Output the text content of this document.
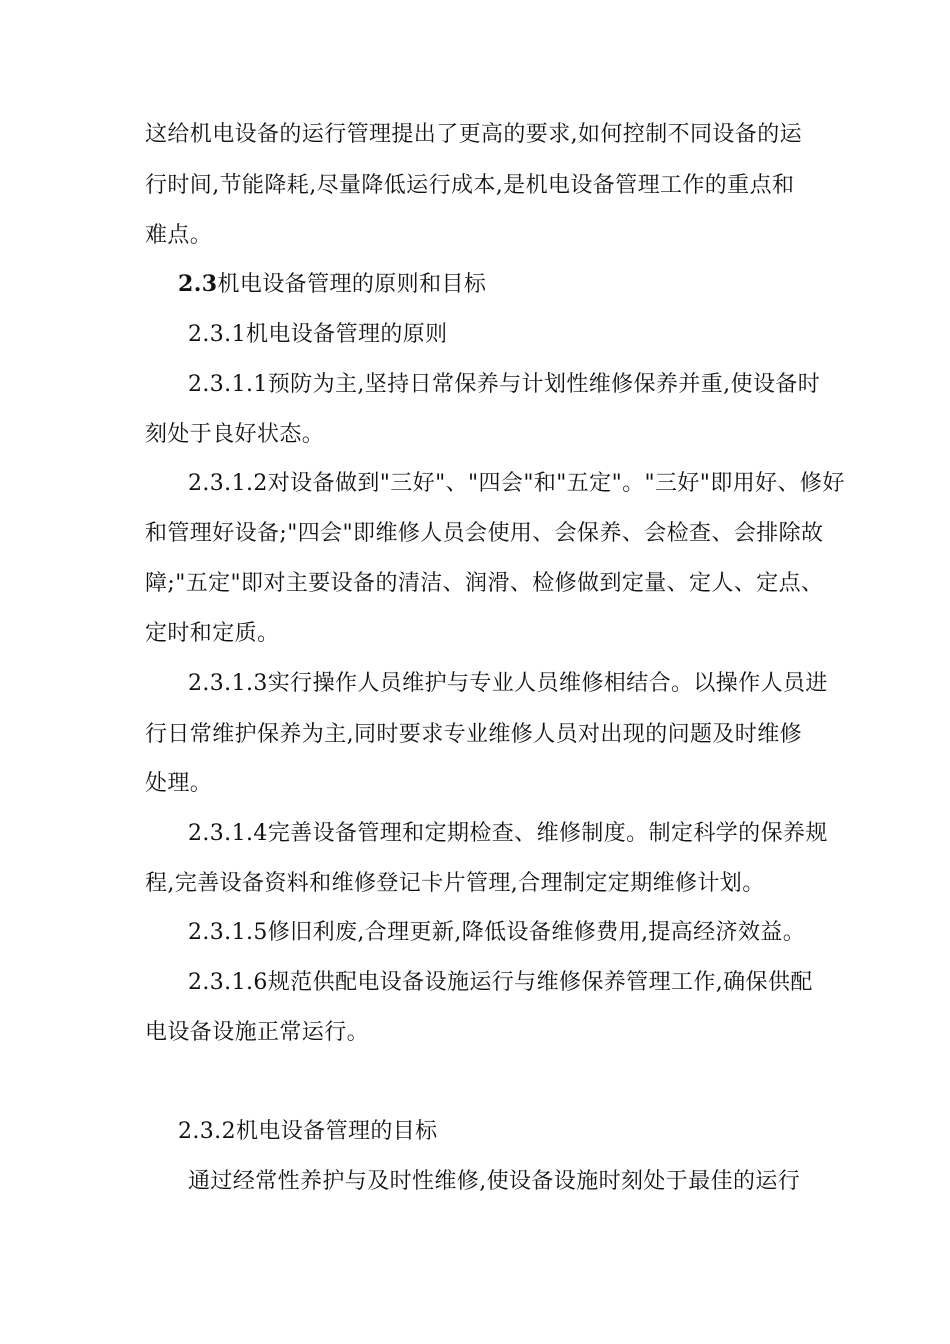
这给机电设备的运行管理提出了更高的要求,如何控制不同设备的运
行时间,节能降耗,尽量降低运行成本,是机电设备管理工作的重点和
难点。
2.3机电设备管理的原则和目标
2.3.1机电设备管理的原则
2.3.1.1预防为主,坚持日常保养与计划性维修保养并重,使设备时
刻处于良好状态。
2.3.1.2对设备做到"三好"、"四会"和"五定"。"三好"即用好、修好
和管理好设备;"四会"即维修人员会使用、会保养、会检查、会排除故
障;"五定"即对主要设备的清洁、润滑、检修做到定量、定人、定点、
定时和定质。
2.3.1.3实行操作人员维护与专业人员维修相结合。以操作人员进
行日常维护保养为主,同时要求专业维修人员对出现的问题及时维修
处理。
2.3.1.4完善设备管理和定期检查、维修制度。制定科学的保养规
程,完善设备资料和维修登记卡片管理,合理制定定期维修计划。
2.3.1.5修旧利废,合理更新,降低设备维修费用,提高经济效益。
2.3.1.6规范供配电设备设施运行与维修保养管理工作,确保供配
电设备设施正常运行。
2.3.2机电设备管理的目标
通过经常性养护与及时性维修,使设备设施时刻处于最佳的运行
